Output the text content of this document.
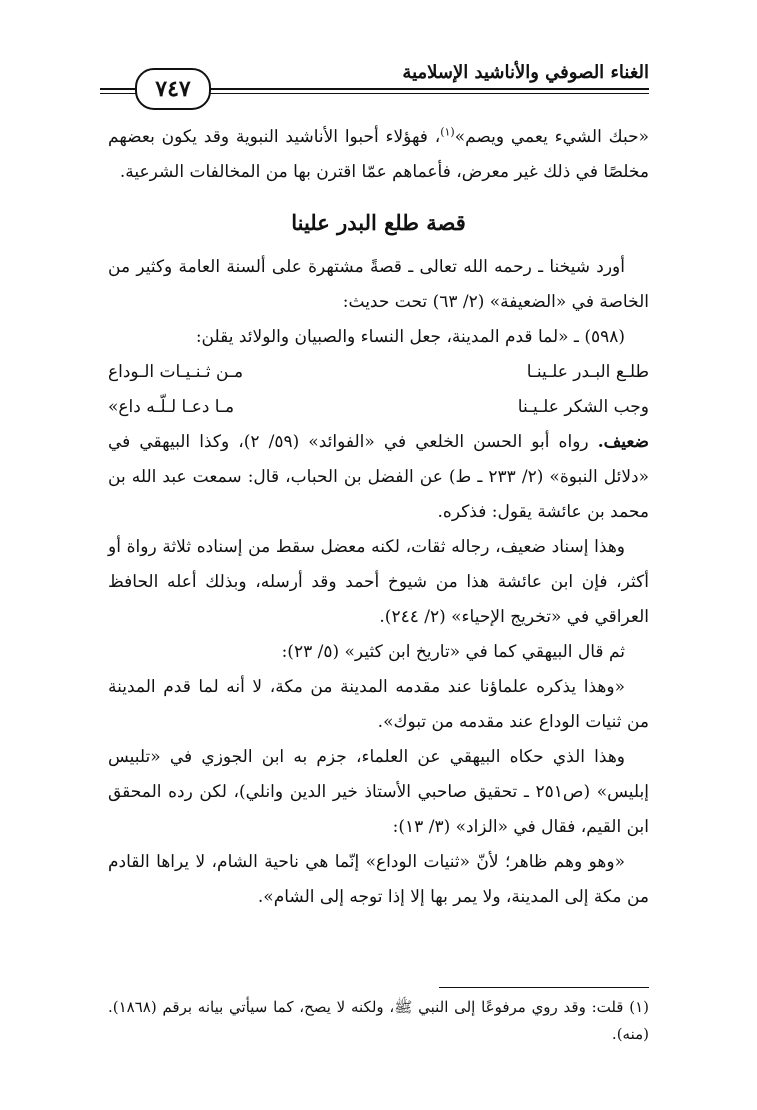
الغناء الصوفي والأناشيد الإسلامية
٧٤٧

«حبك الشيء يعمي ويصم»$^{(١)}$، فهؤلاء أحبوا الأناشيد النبوية وقد يكون بعضهم مخلصًا في ذلك غير معرض، فأعماهم عمّا اقترن بها من المخالفات الشرعية.

قصة طلع البدر علينا

أورد شيخنا ـ رحمه الله تعالى ـ قصةً مشتهرة على ألسنة العامة وكثير من الخاصة في «الضعيفة» (٢/ ٦٣) تحت حديث:

(٥٩٨) ـ «لما قدم المدينة، جعل النساء والصبيان والولائد يقلن:

طلـع البـدر علـينـا
مـن ثـنـيـات الـوداع
وجب الشكر علـيـنا
مـا دعـا لـلّـه داع»

ضعيف. رواه أبو الحسن الخلعي في «الفوائد» (٥٩/ ٢)، وكذا البيهقي في «دلائل النبوة» (٢/ ٢٣٣ ـ ط) عن الفضل بن الحباب، قال: سمعت عبد الله بن محمد بن عائشة يقول: فذكره.

وهذا إسناد ضعيف، رجاله ثقات، لكنه معضل سقط من إسناده ثلاثة رواة أو أكثر، فإن ابن عائشة هذا من شيوخ أحمد وقد أرسله، وبذلك أعله الحافظ العراقي في «تخريج الإحياء» (٢/ ٢٤٤).

ثم قال البيهقي كما في «تاريخ ابن كثير» (٥/ ٢٣):

«وهذا يذكره علماؤنا عند مقدمه المدينة من مكة، لا أنه لما قدم المدينة من ثنيات الوداع عند مقدمه من تبوك».

وهذا الذي حكاه البيهقي عن العلماء، جزم به ابن الجوزي في «تلبيس إبليس» (ص٢٥١ ـ تحقيق صاحبي الأستاذ خير الدين وانلي)، لكن رده المحقق ابن القيم، فقال في «الزاد» (٣/ ١٣):

«وهو وهم ظاهر؛ لأنّ «ثنيات الوداع» إنّما هي ناحية الشام، لا يراها القادم من مكة إلى المدينة، ولا يمر بها إلا إذا توجه إلى الشام».

(١) قلت: وقد روي مرفوعًا إلى النبي ﷺ، ولكنه لا يصح، كما سيأتي بيانه برقم (١٨٦٨). (منه).
